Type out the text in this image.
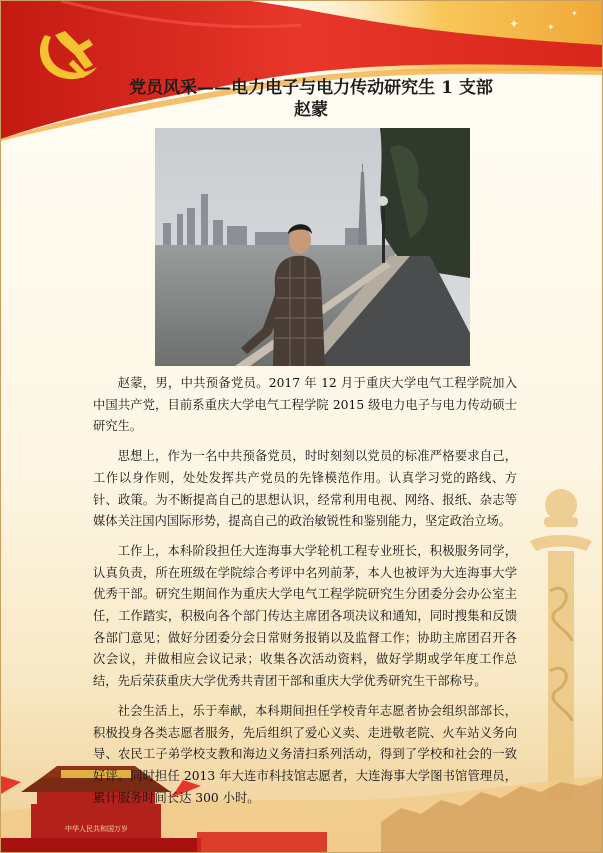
✦	✦
✦
中华人民共和国万岁
党员风采——电力电子与电力传动研究生 1 支部
赵蒙

赵蒙，男，中共预备党员。2017 年 12 月于重庆大学电气工程学院加入中国共产党，目前系重庆大学电气工程学院 2015 级电力电子与电力传动硕士研究生。

思想上，作为一名中共预备党员，时时刻刻以党员的标准严格要求自己，工作以身作则，处处发挥共产党员的先锋模范作用。认真学习党的路线、方针、政策。为不断提高自己的思想认识，经常利用电视、网络、报纸、杂志等媒体关注国内国际形势，提高自己的政治敏锐性和鉴别能力，坚定政治立场。

工作上，本科阶段担任大连海事大学轮机工程专业班长，积极服务同学，认真负责，所在班级在学院综合考评中名列前茅，本人也被评为大连海事大学优秀干部。研究生期间作为重庆大学电气工程学院研究生分团委分会办公室主任，工作踏实，积极向各个部门传达主席团各项决议和通知，同时搜集和反馈各部门意见；做好分团委分会日常财务报销以及监督工作；协助主席团召开各次会议，并做相应会议记录；收集各次活动资料，做好学期或学年度工作总结，先后荣获重庆大学优秀共青团干部和重庆大学优秀研究生干部称号。

社会生活上，乐于奉献，本科期间担任学校青年志愿者协会组织部部长，积极投身各类志愿者服务，先后组织了爱心义卖、走进敬老院、火车站义务向导、农民工子弟学校支教和海边义务清扫系列活动，得到了学校和社会的一致好评。同时担任 2013 年大连市科技馆志愿者，大连海事大学图书馆管理员，累计服务时间长达 300 小时。
